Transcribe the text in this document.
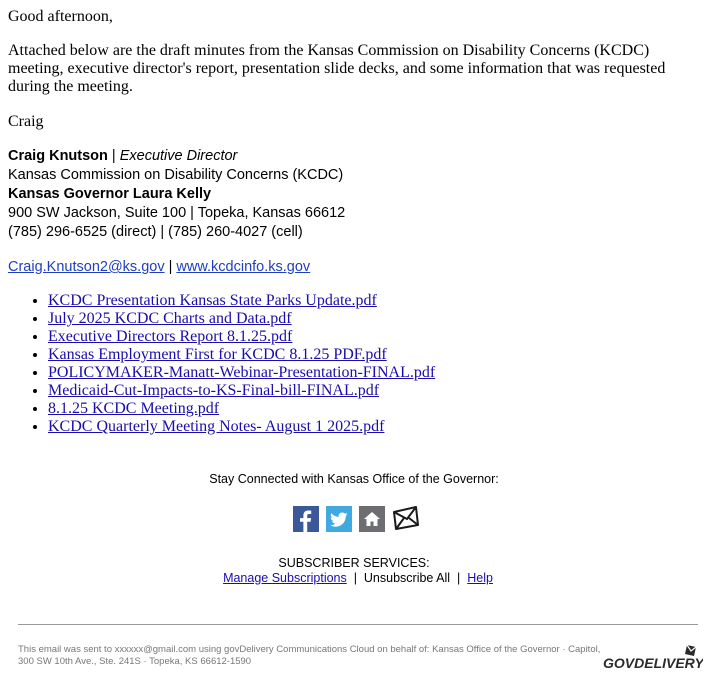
Good afternoon,
Attached below are the draft minutes from the Kansas Commission on Disability Concerns (KCDC) meeting, executive director's report, presentation slide decks, and some information that was requested during the meeting.
Craig
Craig Knutson | Executive Director
Kansas Commission on Disability Concerns (KCDC)
Kansas Governor Laura Kelly
900 SW Jackson, Suite 100 | Topeka, Kansas 66612
(785) 296-6525 (direct) | (785) 260-4027 (cell)
Craig.Knutson2@ks.gov | www.kcdcinfo.ks.gov
• KCDC Presentation Kansas State Parks Update.pdf
• July 2025 KCDC Charts and Data.pdf
• Executive Directors Report 8.1.25.pdf
• Kansas Employment First for KCDC 8.1.25 PDF.pdf
• POLICYMAKER-Manatt-Webinar-Presentation-FINAL.pdf
• Medicaid-Cut-Impacts-to-KS-Final-bill-FINAL.pdf
• 8.1.25 KCDC Meeting.pdf
• KCDC Quarterly Meeting Notes- August 1 2025.pdf
Stay Connected with Kansas Office of the Governor:
SUBSCRIBER SERVICES:
Manage Subscriptions | Unsubscribe All | Help
This email was sent to xxxxxx@gmail.com using govDelivery Communications Cloud on behalf of: Kansas Office of the Governor · Capitol, 300 SW 10th Ave., Ste. 241S · Topeka, KS 66612-1590	GOVDELIVERY
